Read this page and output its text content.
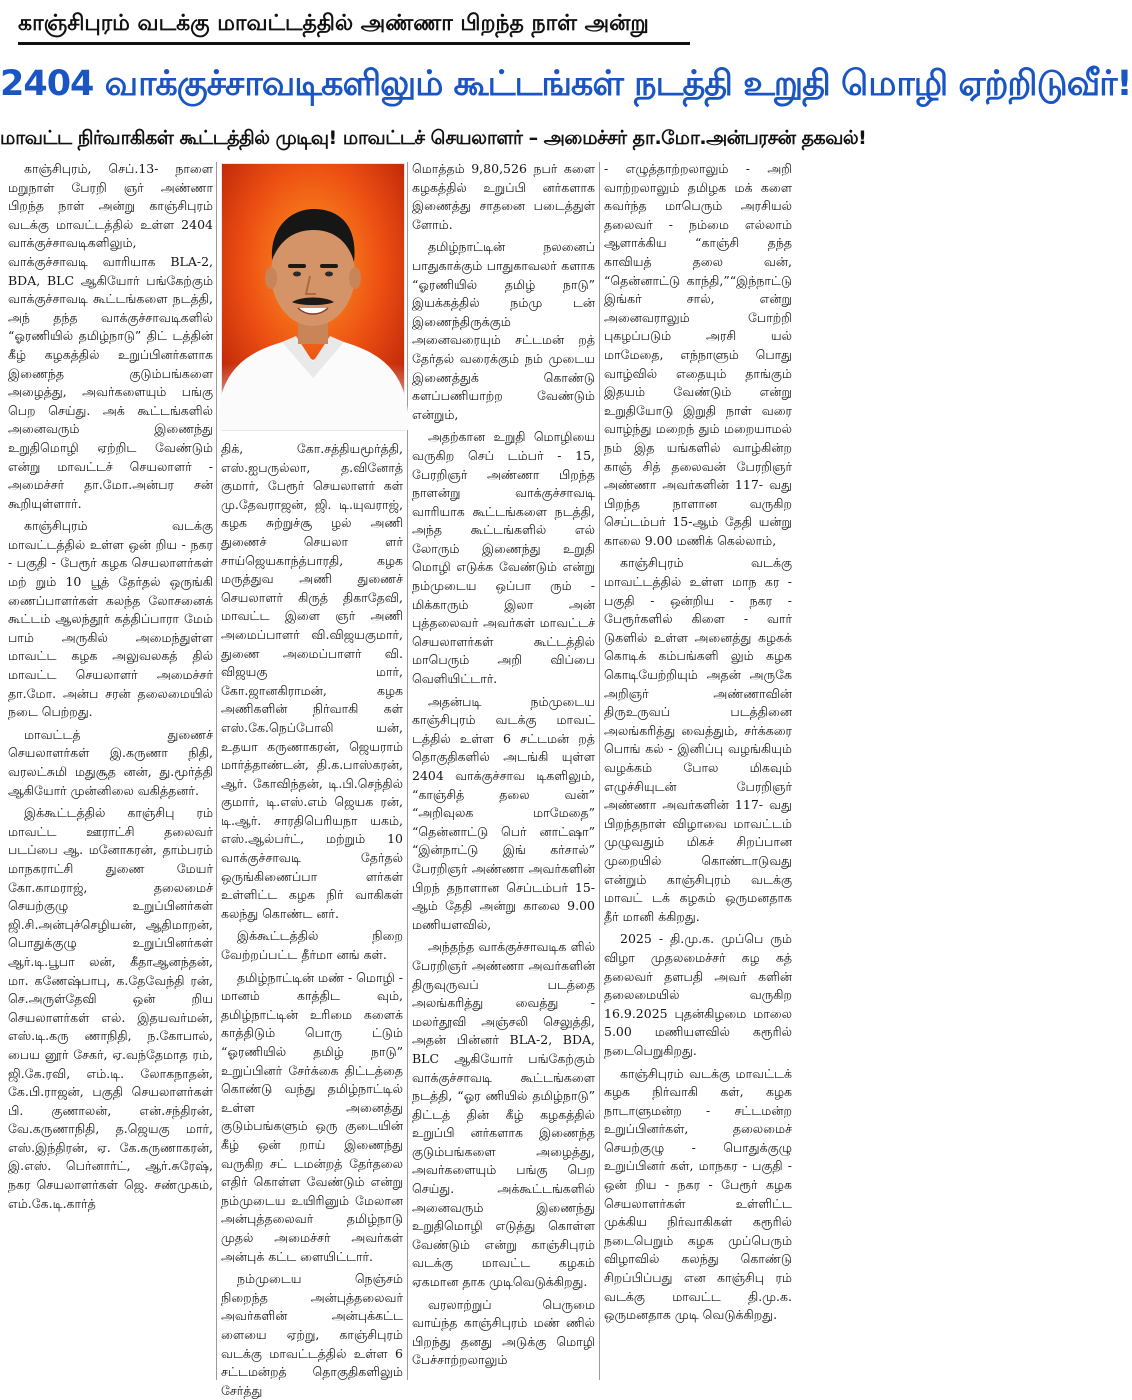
காஞ்சிபுரம் வடக்கு மாவட்டத்தில் அண்ணா பிறந்த நாள் அன்று
2404 வாக்குச்சாவடிகளிலும் கூட்டங்கள் நடத்தி உறுதி மொழி ஏற்றிடுவீர்!
மாவட்ட நிர்வாகிகள் கூட்டத்தில் முடிவு! மாவட்டச் செயலாளர் – அமைச்சர் தா.மோ.அன்பரசன் தகவல்!

காஞ்சிபுரம், செப்.13- நாளை மறுநாள் பேரறி ஞர் அண்ணா பிறந்த நாள் அன்று காஞ்சிபுரம் வடக்கு மாவட்டத்தில் உள்ள 2404 வாக்குச்சாவடிகளிலும், வாக்குச்சாவடி வாரியாக BLA-2, BDA, BLC ஆகியோர் பங்கேற்கும் வாக்குச்சாவடி கூட்டங்களை நடத்தி, அந் தந்த வாக்குச்சாவடிகளில் “ஓரணியில் தமிழ்நாடு” திட் டத்தின் கீழ் கழகத்தில் உறுப்பினர்களாக இணைந்த குடும்பங்களை அழைத்து, அவர்களையும் பங்கு பெற செய்து. அக் கூட்டங்களில் அனைவரும் இணைந்து உறுதிமொழி ஏற்றிட வேண்டும் என்று மாவட்டச் செயலாளர் - அமைச்சர் தா.மோ.அன்பர சன் கூறியுள்ளார்.

காஞ்சிபுரம் வடக்கு மாவட்டத்தில் உள்ள ஒன் றிய - நகர - பகுதி - பேரூர் கழக செயலாளர்கள் மற் றும் 10 பூத் தேர்தல் ஒருங்கி ணைப்பாளர்கள் கலந்த லோசனைக் கூட்டம் ஆலந்தூர் கத்திப்பாரா மேம் பாம் அருகில் அமைந்துள்ள மாவட்ட கழக அலுவலகத் தில் மாவட்ட செயலாளர் அமைச்சர் தா.மோ. அன்ப சரன் தலைமையில் நடை பெற்றது.

மாவட்டத் துணைச் செயலாளர்கள் இ.கருணா நிதி, வரலட்சுமி மதுசூத னன், து.மூர்த்தி ஆகியோர் முன்னிலை வகித்தனர்.

இக்கூட்டத்தில் காஞ்சிபு ரம் மாவட்ட ஊராட்சி தலைவர் படப்பை ஆ. மனோகரன், தாம்பரம் மாநகராட்சி துணை மேயர் கோ.காமராஜ், தலைமைச் செயற்குழு உறுப்பினர்கள் ஜி.சி.அன்புச்செழியன், ஆதிமாறன், பொதுக்குழு உறுப்பினர்கள் ஆர்.டி.பூபா லன், கீதாஆனந்தன், மா. கணேஷ்பாபு, க.தேவேந்தி ரன், செ.அருள்தேவி ஒன் றிய செயலாளர்கள் எல். இதயவர்மன், எஸ்.டி.கரு ணாநிதி, ந.கோபால், பைய னூர் சேகர், ஏ.வந்தேமாத ரம், ஜி.கே.ரவி, எம்.டி. லோகநாதன், கே.பி.ராஜன், பகுதி செயலாளர்கள் பி. குணாலன், என்.சந்திரன், வே.கருணாநிதி, த.ஜெயகு மார், எஸ்.இந்திரன், ஏ. கே.கருணாகரன், இ.எஸ். பெர்னார்ட், ஆர்.சுரேஷ், நகர செயலாளர்கள் ஜெ. சண்முகம், எம்.கே.டி.கார்த்

திக், கோ.சத்தியமூர்த்தி, எஸ்.ஐபருல்லா, த.வினோத் குமார், பேரூர் செயலாளர் கள் மு.தேவராஜன், ஜி. டி.யுவராஜ், கழக சுற்றுச்சூ ழல் அணி துணைச் செயலா ளர் சாய்ஜெயகாந்த்பாரதி, கழக மருத்துவ அணி துணைச் செயலாளர் கிருத் திகாதேவி, மாவட்ட இளை ஞர் அணி அமைப்பாளர் வி.விஜயகுமார், துணை அமைப்பாளர் வி. விஜயகு மார், கோ.ஜானகிராமன், கழக அணிகளின் நிர்வாகி கள் எஸ்.கே.நெப்போலி யன், உதயா கருணாகரன், ஜெயராம் மார்த்தாண்டன், தி.க.பாஸ்கரன், ஆர். கோவிந்தன், டி.பி.செந்தில் குமார், டி.எஸ்.எம் ஜெயக ரன், டி.ஆர். சாரதிபெரியநா யகம், எஸ்.ஆல்பர்ட், மற்றும் 10 வாக்குச்சாவடி தேர்தல் ஒருங்கிணைப்பா ளர்கள் உள்ளிட்ட கழக நிர் வாகிகள் கலந்து கொண்ட னர்.

இக்கூட்டத்தில் நிறை வேற்றப்பட்ட தீர்மா னங் கள்.

தமிழ்நாட்டின் மண் - மொழி - மானம் காத்திட வும், தமிழ்நாட்டின் உரிமை களைக் காத்திடும் பொரு ட்டும் “ஓரணியில் தமிழ் நாடு” உறுப்பினர் சேர்க்கை திட்டத்தை கொண்டு வந்து தமிழ்நாட்டில் உள்ள அனைத்து குடும்பங்களும் ஒரு குடையின் கீழ் ஒன் றாய் இணைந்து வருகிற சட் டமன்றத் தேர்தலை எதிர் கொள்ள வேண்டும் என்று நம்முடைய உயிரினும் மேலான அன்புத்தலைவர் தமிழ்நாடு முதல் அமைச்சர் அவர்கள் அன்புக் கட்ட ளையிட்டார்.

நம்முடைய நெஞ்சம் நிறைந்த அன்புத்தலைவர் அவர்களின் அன்புக்கட்ட ளையை ஏற்று, காஞ்சிபுரம் வடக்கு மாவட்டத்தில் உள்ள 6 சட்டமன்றத் தொகுதிகளிலும் சேர்த்து

மொத்தம் 9,80,526 நபர் களை கழகத்தில் உறுப்பி னர்களாக இணைத்து சாதனை படைத்துள் ளோம்.

தமிழ்நாட்டின் நலனைப் பாதுகாக்கும் பாதுகாவலர் களாக “ஓரணியில் தமிழ் நாடு” இயக்கத்தில் நம்மு டன் இணைந்திருக்கும் அனைவரையும் சட்டமன் றத் தேர்தல் வரைக்கும் நம் முடைய இணைத்துக் கொண்டு களப்பணியாற்ற வேண்டும் என்றும்,

அதற்கான உறுதி மொழியை வருகிற செப் டம்பர் - 15, பேரறிஞர் அண்ணா பிறந்த நாளன்று வாக்குச்சாவடி வாரியாக கூட்டங்களை நடத்தி, அந்த கூட்டங்களில் எல் லோரும் இணைந்து உறுதி மொழி எடுக்க வேண்டும் என்று நம்முடைய ஒப்பா ரும் - மிக்காரும் இலா அன் புத்தலைவர் அவர்கள் மாவட்டச் செயலாளர்கள் கூட்டத்தில் மாபெரும் அறி விப்பை வெளியிட்டார்.

அதன்படி நம்முடைய காஞ்சிபுரம் வடக்கு மாவட் டத்தில் உள்ள 6 சட்டமன் றத் தொகுதிகளில் அடங்கி யுள்ள 2404 வாக்குச்சாவ டிகளிலும், “காஞ்சித் தலை வன்” “அறிவுலக மாமேதை” “தென்னாட்டு பெர் னாட்ஷா” “இன்நாட்டு இங் கர்சால்” பேரறிஞர் அண்ணா அவர்களின் பிறந் தநாளான செப்டம்பர் 15- ஆம் தேதி அன்று காலை 9.00 மணியளவில்,

அந்தந்த வாக்குச்சாவடிக ளில் பேரறிஞர் அண்ணா அவர்களின் திருவுருவப் படத்தை அலங்கரித்து வைத்து - மலர்தூவி அஞ்சலி செலுத்தி, அதன் பின்னர் BLA-2, BDA, BLC ஆகியோர் பங்கேற்கும் வாக்குச்சாவடி கூட்டங்களை நடத்தி, “ஓர ணியில் தமிழ்நாடு” திட்டத் தின் கீழ் கழகத்தில் உறுப்பி னர்களாக இணைந்த குடும்பங்களை அழைத்து, அவர்களையும் பங்கு பெற செய்து. அக்கூட்டங்களில் அனைவரும் இணைந்து உறுதிமொழி எடுத்து கொள்ள வேண்டும் என்று காஞ்சிபுரம் வடக்கு மாவட்ட கழகம் ஏகமான தாக முடிவெடுக்கிறது.

வரலாற்றுப் பெருமை வாய்ந்த காஞ்சிபுரம் மண் ணில் பிறந்து தனது அடுக்கு மொழி பேச்சாற்றலாலும்

- எழுத்தாற்றலாலும் - அறி வாற்றலாலும் தமிழக மக் களை கவர்ந்த மாபெரும் அரசியல் தலைவர் - நம்மை எல்லாம் ஆளாக்கிய “காஞ்சி தந்த காவியத் தலை வன், “தென்னாட்டு காந்தி,”“இந்நாட்டு இங்கர் சால், என்று அனைவராலும் போற்றி புகழப்படும் அரசி யல் மாமேதை, எந்நாளும் பொது வாழ்வில் எதையும் தாங்கும் இதயம் வேண்டும் என்று உறுதியோடு இறுதி நாள் வரை வாழ்ந்து மறைந் தும் மறையாமல் நம் இத யங்களில் வாழ்கின்ற காஞ் சித் தலைவன் பேரறிஞர் அண்ணா அவர்களின் 117- வது பிறந்த நாளான வருகிற செப்டம்பர் 15-ஆம் தேதி யன்று காலை 9.00 மணிக் கெல்லாம்,

காஞ்சிபுரம் வடக்கு மாவட்டத்தில் உள்ள மாந கர - பகுதி - ஒன்றிய - நகர - பேரூர்களில் கிளை - வார் டுகளில் உள்ள அனைத்து கழகக் கொடிக் கம்பங்களி லும் கழக கொடியேற்றியும் அதன் அருகே அறிஞர் அண்ணாவின் திருஉருவப் படத்தினை அலங்கரித்து வைத்தும், சர்க்கரை பொங் கல் - இனிப்பு வழங்கியும் வழக்கம் போல மிகவும் எழுச்சியுடன் பேரறிஞர் அண்ணா அவர்களின் 117- வது பிறந்தநாள் விழாவை மாவட்டம் முழுவதும் மிகச் சிறப்பான முறையில் கொண்டாடுவது என்றும் காஞ்சிபுரம் வடக்கு மாவட் டக் கழகம் ஒருமனதாக தீர் மானி க்கிறது.

2025 - தி.மு.க. முப்பெ ரும் விழா முதலமைச்சர் கழ கத் தலைவர் தளபதி அவர் களின் தலைமையில் வருகிற 16.9.2025 புதன்கிழமை மாலை 5.00 மணியளவில் கரூரில் நடைபெறுகிறது.

காஞ்சிபுரம் வடக்கு மாவட்டக் கழக நிர்வாகி கள், கழக நாடாளுமன்ற - சட்டமன்ற உறுப்பினர்கள், தலைமைச் செயற்குழு - பொதுக்குழு உறுப்பினர் கள், மாநகர - பகுதி - ஒன் றிய - நகர - பேரூர் கழக செயலாளர்கள் உள்ளிட்ட முக்கிய நிர்வாகிகள் கரூரில் நடைபெறும் கழக முப்பெரும் விழாவில் கலந்து கொண்டு சிறப்பிப்பது என காஞ்சிபு ரம் வடக்கு மாவட்ட தி.மு.க. ஒருமனதாக முடி வெடுக்கிறது.
